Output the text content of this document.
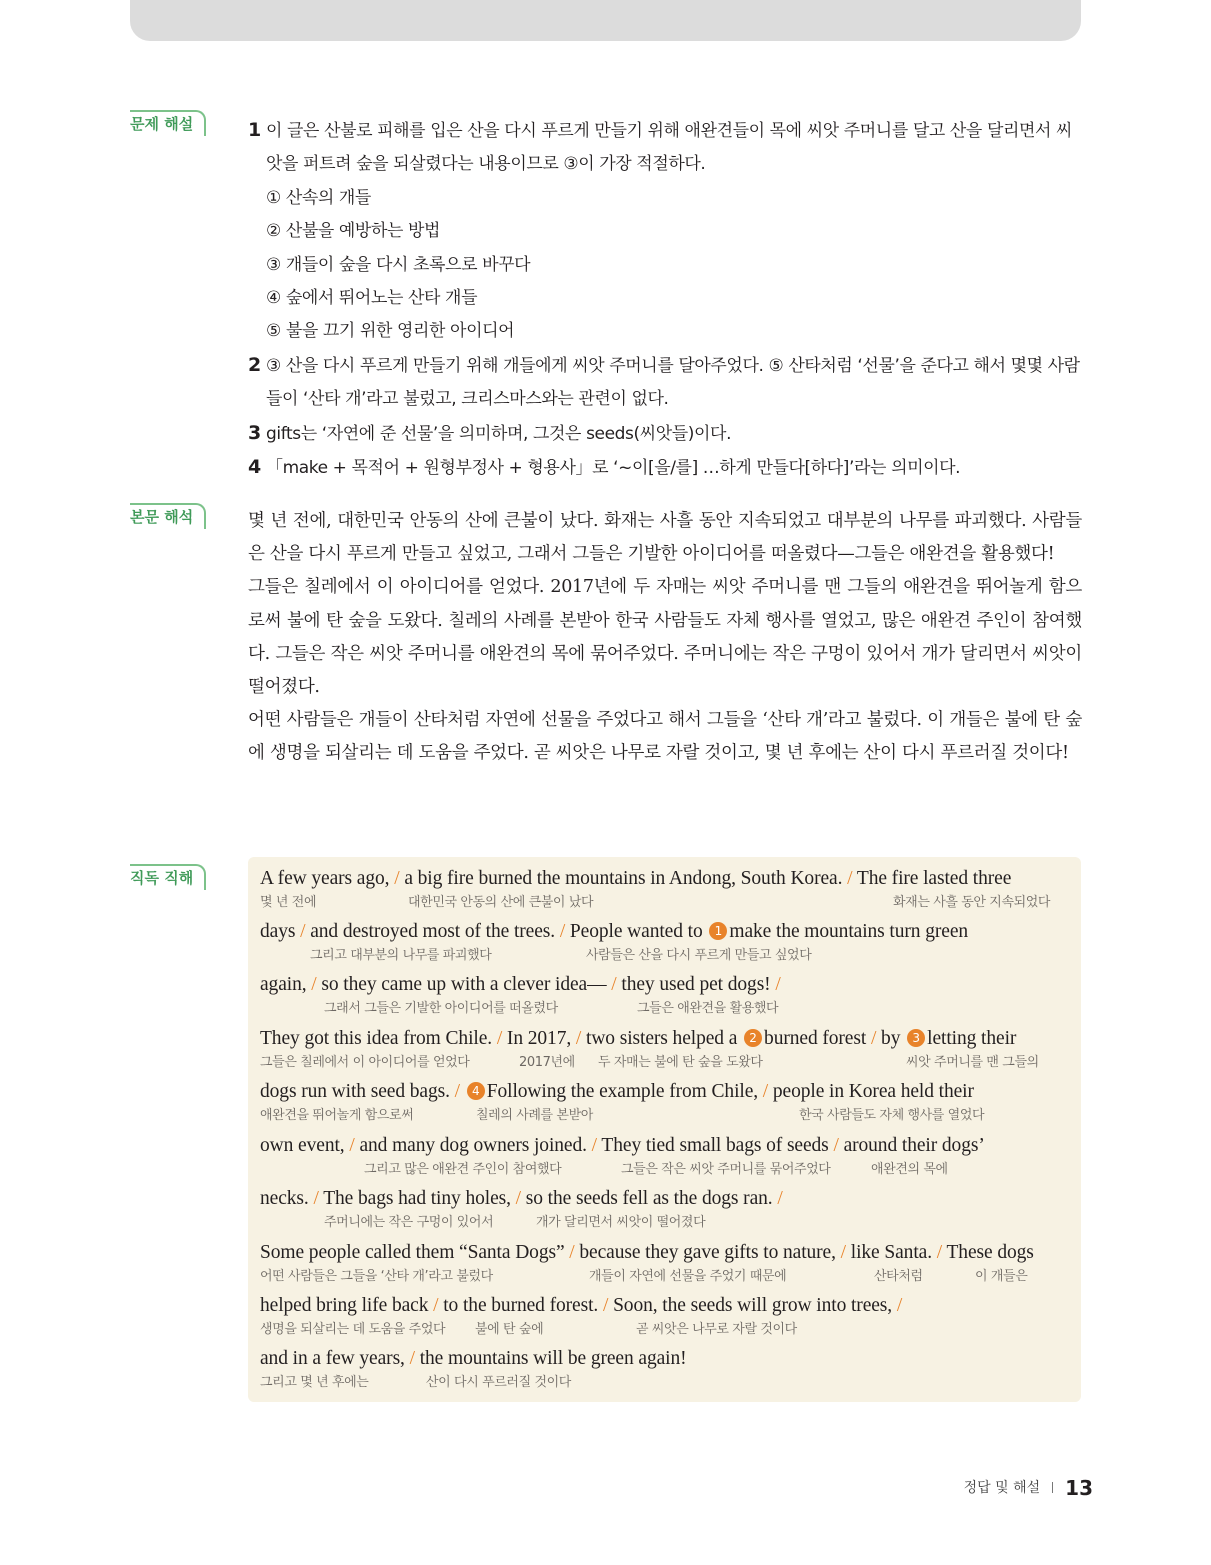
문제 해설	1 이 글은 산불로 피해를 입은 산을 다시 푸르게 만들기 위해 애완견들이 목에 씨앗 주머니를 달고 산을 달리면서 씨
앗을 퍼트려 숲을 되살렸다는 내용이므로 ③이 가장 적절하다.
① 산속의 개들
② 산불을 예방하는 방법
③ 개들이 숲을 다시 초록으로 바꾸다
④ 숲에서 뛰어노는 산타 개들
⑤ 불을 끄기 위한 영리한 아이디어
2 ③ 산을 다시 푸르게 만들기 위해 개들에게 씨앗 주머니를 달아주었다. ⑤ 산타처럼 ‘선물’을 준다고 해서 몇몇 사람
들이 ‘산타 개’라고 불렀고, 크리스마스와는 관련이 없다.
3 gifts는 ‘자연에 준 선물’을 의미하며, 그것은 seeds(씨앗들)이다.
4 「make + 목적어 + 원형부정사 + 형용사」로 ‘~이[을/를] …하게 만들다[하다]’라는 의미이다.
본문 해석	몇 년 전에, 대한민국 안동의 산에 큰불이 났다. 화재는 사흘 동안 지속되었고 대부분의 나무를 파괴했다. 사람들은 산을 다시 푸르게 만들고 싶었고, 그래서 그들은 기발한 아이디어를 떠올렸다—그들은 애완견을 활용했다!

그들은 칠레에서 이 아이디어를 얻었다. 2017년에 두 자매는 씨앗 주머니를 맨 그들의 애완견을 뛰어놀게 함으로써 불에 탄 숲을 도왔다. 칠레의 사례를 본받아 한국 사람들도 자체 행사를 열었고, 많은 애완견 주인이 참여했다. 그들은 작은 씨앗 주머니를 애완견의 목에 묶어주었다. 주머니에는 작은 구멍이 있어서 개가 달리면서 씨앗이 떨어졌다.

어떤 사람들은 개들이 산타처럼 자연에 선물을 주었다고 해서 그들을 ‘산타 개’라고 불렀다. 이 개들은 불에 탄 숲에 생명을 되살리는 데 도움을 주었다. 곧 씨앗은 나무로 자랄 것이고, 몇 년 후에는 산이 다시 푸르러질 것이다!

직독 직해	A few years ago, / a big fire burned the mountains in Andong, South Korea. / The fire lasted three
몇 년 전에	대한민국 안동의 산에 큰불이 났다	화재는 사흘 동안 지속되었다
days / and destroyed most of the trees. / People wanted to 1 make the mountains turn green
그리고 대부분의 나무를 파괴했다	사람들은 산을 다시 푸르게 만들고 싶었다
again, / so they came up with a clever idea— / they used pet dogs! /
그래서 그들은 기발한 아이디어를 떠올렸다	그들은 애완견을 활용했다
They got this idea from Chile. / In 2017, / two sisters helped a 2 burned forest / by 3 letting their
그들은 칠레에서 이 아이디어를 얻었다	2017년에 두 자매는 불에 탄 숲을 도왔다	씨앗 주머니를 맨 그들의
dogs run with seed bags. / 4 Following the example from Chile, / people in Korea held their
애완견을 뛰어놀게 함으로써	칠레의 사례를 본받아	한국 사람들도 자체 행사를 열었다
own event, / and many dog owners joined. / They tied small bags of seeds / around their dogs’
그리고 많은 애완견 주인이 참여했다	그들은 작은 씨앗 주머니를 묶어주었다	애완견의 목에
necks. / The bags had tiny holes, / so the seeds fell as the dogs ran. /
주머니에는 작은 구멍이 있어서	개가 달리면서 씨앗이 떨어졌다
Some people called them “Santa Dogs” / because they gave gifts to nature, / like Santa. / These dogs
어떤 사람들은 그들을 ‘산타 개’라고 불렀다	개들이 자연에 선물을 주었기 때문에	산타처럼	이 개들은
helped bring life back / to the burned forest. / Soon, the seeds will grow into trees, /
생명을 되살리는 데 도움을 주었다 불에 탄 숲에	곧 씨앗은 나무로 자랄 것이다
and in a few years, / the mountains will be green again!
그리고 몇 년 후에는	산이 다시 푸르러질 것이다
정답 및 해설 13
